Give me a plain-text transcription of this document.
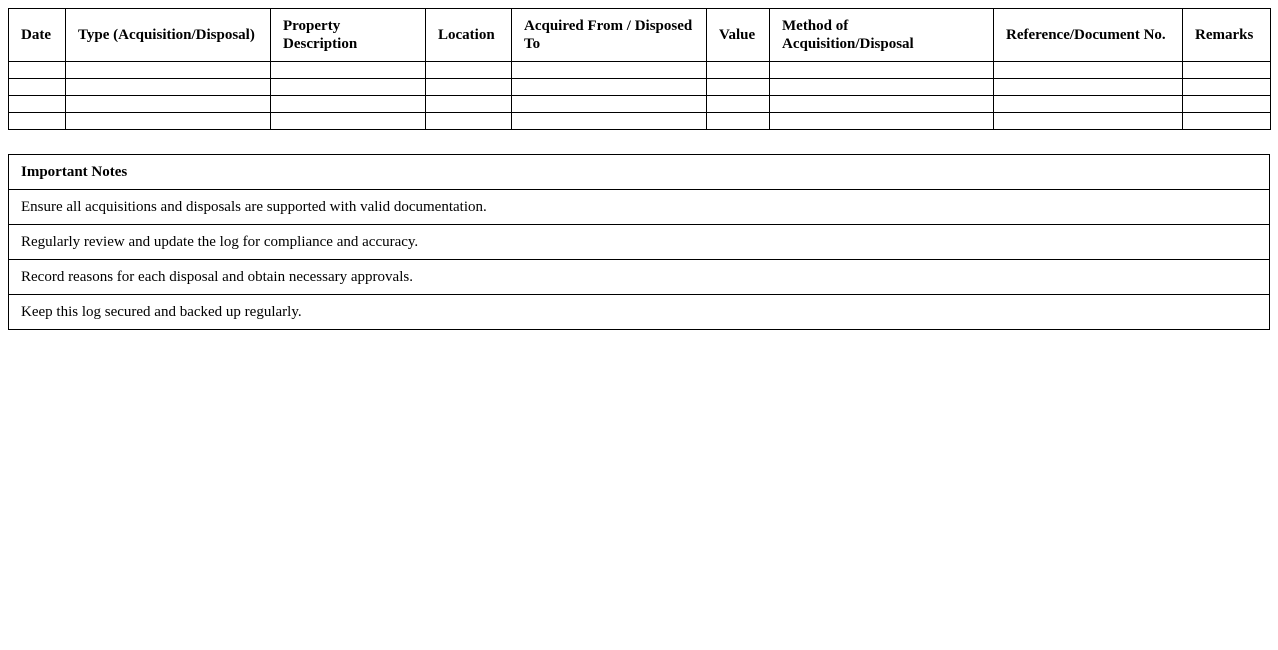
Date	Type (Acquisition/Disposal)	Property Description	Location	Acquired From / Disposed To	Value	Method of Acquisition/Disposal	Reference/Document No.	Remarks

Important Notes
Ensure all acquisitions and disposals are supported with valid documentation.
Regularly review and update the log for compliance and accuracy.
Record reasons for each disposal and obtain necessary approvals.
Keep this log secured and backed up regularly.
